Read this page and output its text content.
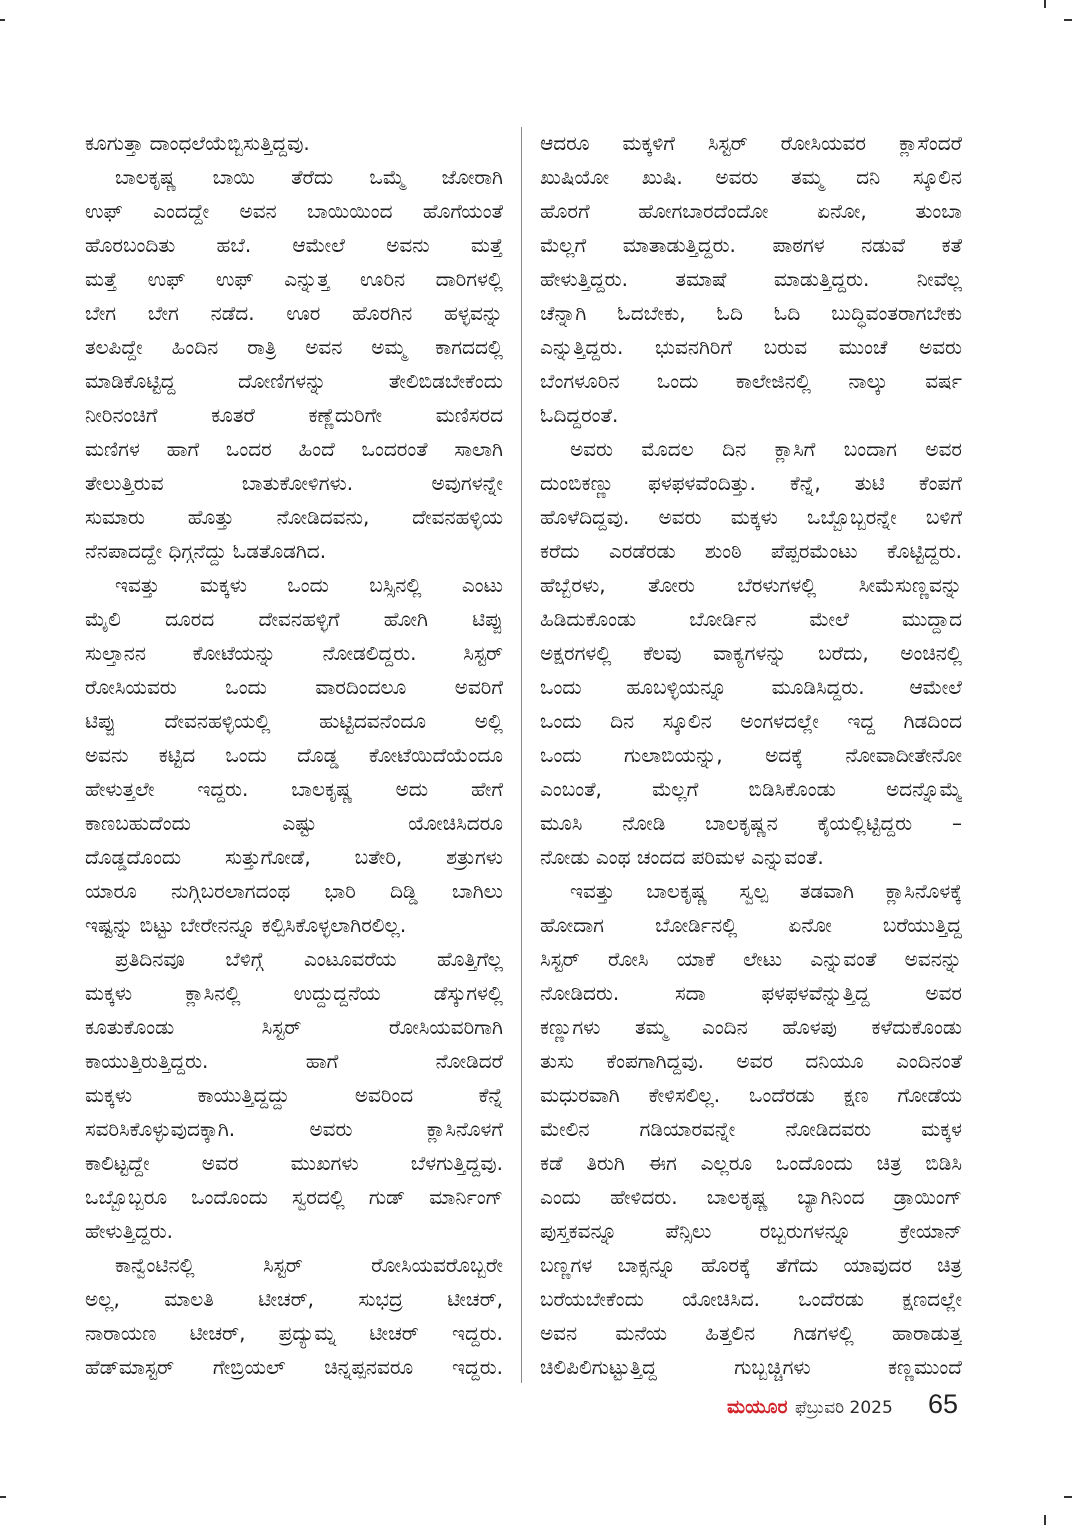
ಕೂಗುತ್ತಾ ದಾಂಧಲೆಯೆಬ್ಬಿಸುತ್ತಿದ್ದವು.
ಬಾಲಕೃಷ್ಣ ಬಾಯಿ ತೆರೆದು ಒಮ್ಮೆ ಜೋರಾಗಿ
ಉಫ್ ಎಂದದ್ದೇ ಅವನ ಬಾಯಿಯಿಂದ ಹೊಗೆಯಂತೆ
ಹೊರಬಂದಿತು ಹಬೆ. ಆಮೇಲೆ ಅವನು ಮತ್ತೆ
ಮತ್ತೆ ಉಫ್ ಉಫ್ ಎನ್ನುತ್ತ ಊರಿನ ದಾರಿಗಳಲ್ಲಿ
ಬೇಗ ಬೇಗ ನಡೆದ. ಊರ ಹೊರಗಿನ ಹಳ್ಳವನ್ನು
ತಲಪಿದ್ದೇ ಹಿಂದಿನ ರಾತ್ರಿ ಅವನ ಅಮ್ಮ ಕಾಗದದಲ್ಲಿ
ಮಾಡಿಕೊಟ್ಟಿದ್ದ ದೋಣಿಗಳನ್ನು ತೇಲಿಬಿಡಬೇಕೆಂದು
ನೀರಿನಂಚಿಗೆ ಕೂತರೆ ಕಣ್ಣೆದುರಿಗೇ ಮಣಿಸರದ
ಮಣಿಗಳ ಹಾಗೆ ಒಂದರ ಹಿಂದೆ ಒಂದರಂತೆ ಸಾಲಾಗಿ
ತೇಲುತ್ತಿರುವ ಬಾತುಕೋಳಿಗಳು. ಅವುಗಳನ್ನೇ
ಸುಮಾರು ಹೊತ್ತು ನೋಡಿದವನು, ದೇವನಹಳ್ಳಿಯ
ನೆನಪಾದದ್ದೇ ಧಿಗ್ಗನೆದ್ದು ಓಡತೊಡಗಿದ.
ಇವತ್ತು ಮಕ್ಕಳು ಒಂದು ಬಸ್ಸಿನಲ್ಲಿ ಎಂಟು
ಮೈಲಿ ದೂರದ ದೇವನಹಳ್ಳಿಗೆ ಹೋಗಿ ಟಿಪ್ಪು
ಸುಲ್ತಾನನ ಕೋಟೆಯನ್ನು ನೋಡಲಿದ್ದರು. ಸಿಸ್ಟರ್
ರೋಸಿಯವರು ಒಂದು ವಾರದಿಂದಲೂ ಅವರಿಗೆ
ಟಿಪ್ಪು ದೇವನಹಳ್ಳಿಯಲ್ಲಿ ಹುಟ್ಟಿದವನೆಂದೂ ಅಲ್ಲಿ
ಅವನು ಕಟ್ಟಿದ ಒಂದು ದೊಡ್ಡ ಕೋಟೆಯಿದೆಯೆಂದೂ
ಹೇಳುತ್ತಲೇ ಇದ್ದರು. ಬಾಲಕೃಷ್ಣ ಅದು ಹೇಗೆ
ಕಾಣಬಹುದೆಂದು ಎಷ್ಟು ಯೋಚಿಸಿದರೂ
ದೊಡ್ಡದೊಂದು ಸುತ್ತುಗೋಡೆ, ಬತೇರಿ, ಶತ್ರುಗಳು
ಯಾರೂ ನುಗ್ಗಿಬರಲಾಗದಂಥ ಭಾರಿ ದಿಡ್ಡಿ ಬಾಗಿಲು
ಇಷ್ಟನ್ನು ಬಿಟ್ಟು ಬೇರೇನನ್ನೂ ಕಲ್ಪಿಸಿಕೊಳ್ಳಲಾಗಿರಲಿಲ್ಲ.
ಪ್ರತಿದಿನವೂ ಬೆಳಿಗ್ಗೆ ಎಂಟೂವರೆಯ ಹೊತ್ತಿಗೆಲ್ಲ
ಮಕ್ಕಳು ಕ್ಲಾಸಿನಲ್ಲಿ ಉದ್ದುದ್ದನೆಯ ಡೆಸ್ಕುಗಳಲ್ಲಿ
ಕೂತುಕೊಂಡು ಸಿಸ್ಟರ್ ರೋಸಿಯವರಿಗಾಗಿ
ಕಾಯುತ್ತಿರುತ್ತಿದ್ದರು. ಹಾಗೆ ನೋಡಿದರೆ
ಮಕ್ಕಳು ಕಾಯುತ್ತಿದ್ದದ್ದು ಅವರಿಂದ ಕೆನ್ನೆ
ಸವರಿಸಿಕೊಳ್ಳುವುದಕ್ಕಾಗಿ. ಅವರು ಕ್ಲಾಸಿನೊಳಗೆ
ಕಾಲಿಟ್ಟದ್ದೇ ಅವರ ಮುಖಗಳು ಬೆಳಗುತ್ತಿದ್ದವು.
ಒಬ್ಬೊಬ್ಬರೂ ಒಂದೊಂದು ಸ್ವರದಲ್ಲಿ ಗುಡ್ ಮಾರ್ನಿಂಗ್
ಹೇಳುತ್ತಿದ್ದರು.
ಕಾನ್ವೆಂಟಿನಲ್ಲಿ ಸಿಸ್ಟರ್ ರೋಸಿಯವರೊಬ್ಬರೇ
ಅಲ್ಲ, ಮಾಲತಿ ಟೀಚರ್, ಸುಭದ್ರ ಟೀಚರ್,
ನಾರಾಯಣ ಟೀಚರ್, ಪ್ರದ್ಯುಮ್ನ ಟೀಚರ್ ಇದ್ದರು.
ಹೆಡ್‌ಮಾಸ್ಟರ್ ಗೇಬ್ರಿಯಲ್ ಚಿನ್ನಪ್ಪನವರೂ ಇದ್ದರು.
ಆದರೂ ಮಕ್ಕಳಿಗೆ ಸಿಸ್ಟರ್ ರೋಸಿಯವರ ಕ್ಲಾಸೆಂದರೆ
ಖುಷಿಯೋ ಖುಷಿ. ಅವರು ತಮ್ಮ ದನಿ ಸ್ಕೂಲಿನ
ಹೊರಗೆ ಹೋಗಬಾರದೆಂದೋ ಏನೋ, ತುಂಬಾ
ಮೆಲ್ಲಗೆ ಮಾತಾಡುತ್ತಿದ್ದರು. ಪಾಠಗಳ ನಡುವೆ ಕತೆ
ಹೇಳುತ್ತಿದ್ದರು. ತಮಾಷೆ ಮಾಡುತ್ತಿದ್ದರು. ನೀವೆಲ್ಲ
ಚೆನ್ನಾಗಿ ಓದಬೇಕು, ಓದಿ ಓದಿ ಬುದ್ಧಿವಂತರಾಗಬೇಕು
ಎನ್ನುತ್ತಿದ್ದರು. ಭುವನಗಿರಿಗೆ ಬರುವ ಮುಂಚೆ ಅವರು
ಬೆಂಗಳೂರಿನ ಒಂದು ಕಾಲೇಜಿನಲ್ಲಿ ನಾಲ್ಕು ವರ್ಷ
ಓದಿದ್ದರಂತೆ.
ಅವರು ಮೊದಲ ದಿನ ಕ್ಲಾಸಿಗೆ ಬಂದಾಗ ಅವರ
ದುಂಬಿಕಣ್ಣು ಫಳಫಳವೆಂದಿತ್ತು. ಕೆನ್ನೆ, ತುಟಿ ಕೆಂಪಗೆ
ಹೊಳೆದಿದ್ದವು. ಅವರು ಮಕ್ಕಳು ಒಬ್ಬೊಬ್ಬರನ್ನೇ ಬಳಿಗೆ
ಕರೆದು ಎರಡೆರಡು ಶುಂಠಿ ಪೆಪ್ಪರಮೆಂಟು ಕೊಟ್ಟಿದ್ದರು.
ಹೆಬ್ಬೆರಳು, ತೋರು ಬೆರಳುಗಳಲ್ಲಿ ಸೀಮೆಸುಣ್ಣವನ್ನು
ಹಿಡಿದುಕೊಂಡು ಬೋರ್ಡಿನ ಮೇಲೆ ಮುದ್ದಾದ
ಅಕ್ಷರಗಳಲ್ಲಿ ಕೆಲವು ವಾಕ್ಯಗಳನ್ನು ಬರೆದು, ಅಂಚಿನಲ್ಲಿ
ಒಂದು ಹೂಬಳ್ಳಿಯನ್ನೂ ಮೂಡಿಸಿದ್ದರು. ಆಮೇಲೆ
ಒಂದು ದಿನ ಸ್ಕೂಲಿನ ಅಂಗಳದಲ್ಲೇ ಇದ್ದ ಗಿಡದಿಂದ
ಒಂದು ಗುಲಾಬಿಯನ್ನು, ಅದಕ್ಕೆ ನೋವಾದೀತೇನೋ
ಎಂಬಂತೆ, ಮೆಲ್ಲಗೆ ಬಿಡಿಸಿಕೊಂಡು ಅದನ್ನೊಮ್ಮೆ
ಮೂಸಿ ನೋಡಿ ಬಾಲಕೃಷ್ಣನ ಕೈಯಲ್ಲಿಟ್ಟಿದ್ದರು –
ನೋಡು ಎಂಥ ಚಂದದ ಪರಿಮಳ ಎನ್ನುವಂತೆ.
ಇವತ್ತು ಬಾಲಕೃಷ್ಣ ಸ್ವಲ್ಪ ತಡವಾಗಿ ಕ್ಲಾಸಿನೊಳಕ್ಕೆ
ಹೋದಾಗ ಬೋರ್ಡಿನಲ್ಲಿ ಏನೋ ಬರೆಯುತ್ತಿದ್ದ
ಸಿಸ್ಟರ್ ರೋಸಿ ಯಾಕೆ ಲೇಟು ಎನ್ನುವಂತೆ ಅವನನ್ನು
ನೋಡಿದರು. ಸದಾ ಫಳಫಳವೆನ್ನುತ್ತಿದ್ದ ಅವರ
ಕಣ್ಣುಗಳು ತಮ್ಮ ಎಂದಿನ ಹೊಳಪು ಕಳೆದುಕೊಂಡು
ತುಸು ಕೆಂಪಗಾಗಿದ್ದವು. ಅವರ ದನಿಯೂ ಎಂದಿನಂತೆ
ಮಧುರವಾಗಿ ಕೇಳಿಸಲಿಲ್ಲ. ಒಂದೆರಡು ಕ್ಷಣ ಗೋಡೆಯ
ಮೇಲಿನ ಗಡಿಯಾರವನ್ನೇ ನೋಡಿದವರು ಮಕ್ಕಳ
ಕಡೆ ತಿರುಗಿ ಈಗ ಎಲ್ಲರೂ ಒಂದೊಂದು ಚಿತ್ರ ಬಿಡಿಸಿ
ಎಂದು ಹೇಳಿದರು. ಬಾಲಕೃಷ್ಣ ಬ್ಯಾಗಿನಿಂದ ಡ್ರಾಯಿಂಗ್
ಪುಸ್ತಕವನ್ನೂ ಪೆನ್ಸಿಲು ರಬ್ಬರುಗಳನ್ನೂ ಕ್ರೇಯಾನ್
ಬಣ್ಣಗಳ ಬಾಕ್ಸನ್ನೂ ಹೊರಕ್ಕೆ ತೆಗೆದು ಯಾವುದರ ಚಿತ್ರ
ಬರೆಯಬೇಕೆಂದು ಯೋಚಿಸಿದ. ಒಂದೆರಡು ಕ್ಷಣದಲ್ಲೇ
ಅವನ ಮನೆಯ ಹಿತ್ತಲಿನ ಗಿಡಗಳಲ್ಲಿ ಹಾರಾಡುತ್ತ
ಚಿಲಿಪಿಲಿಗುಟ್ಟುತ್ತಿದ್ದ ಗುಬ್ಬಚ್ಚಿಗಳು ಕಣ್ಣಮುಂದೆ
ಮಯೂರ ಫೆಬ್ರುವರಿ 2025 65
